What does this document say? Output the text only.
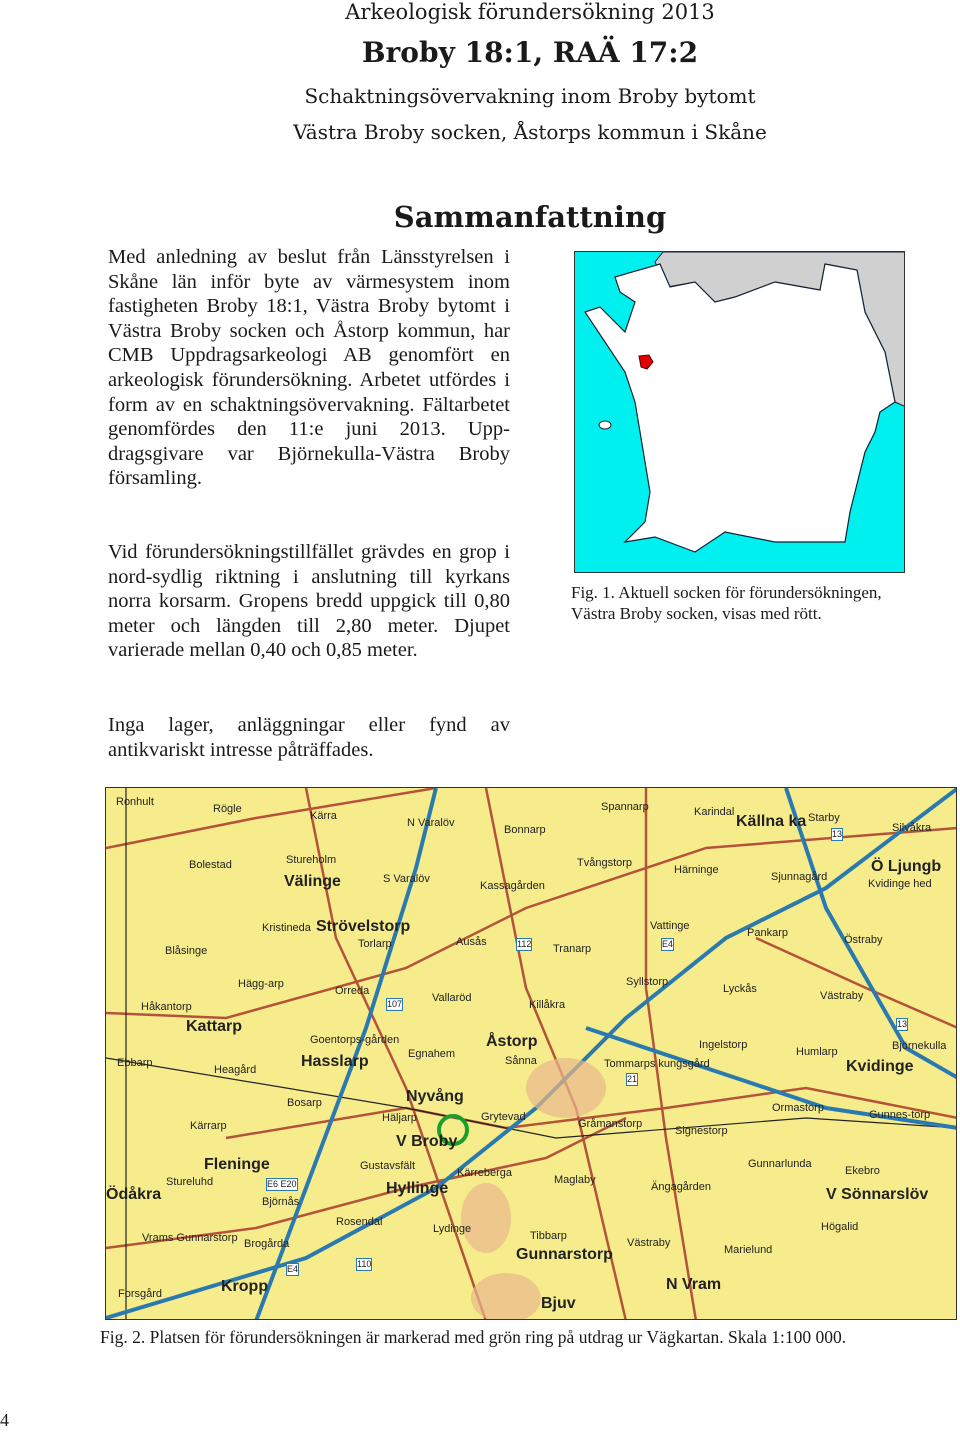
Arkeologisk förundersökning 2013
Broby 18:1, RAÄ 17:2
Schaktningsövervakning inom Broby bytomt
Västra Broby socken, Åstorps kommun i Skåne
Sammanfattning

Med anledning av beslut från Länsstyrelsen i Skåne län inför byte av värmesystem inom fastigheten Broby 18:1, Västra Broby bytomt i Västra Broby socken och Åstorp kommun, har CMB Uppdragsarkeologi AB genomfört en arkeologisk förundersökning. Arbetet utfördes i form av en schaktningsövervakning. Fältarbetet genomfördes den 11:e juni 2013. Uppdragsgivare var Björnekulla-Västra Broby församling.

Vid förundersökningstillfället grävdes en grop i nord-sydlig riktning i anslutning till kyrkans norra korsarm. Gropens bredd uppgick till 0,80 meter och längden till 2,80 meter. Djupet varierade mellan 0,40 och 0,85 meter.

Inga lager, anläggningar eller fynd av antikvariskt intresse påträffades.

Fig. 1. Aktuell socken för förundersökningen, Västra Broby socken, visas med rött.
Strövelstorp
Kattarp
Hasslarp
Åstorp
Kvidinge
Ödåkra	Hyllinge
Gunnarstorp
Bjuv
Ö Ljungb
Källna ka
Kropp
Välinge
Fleninge
Nyvång
V Broby
V Sönnarslöv
N Vram
13
112
107
E4
21
E6 E20
110
13
E4
Ronhult
Rögle
Kärra
N Varalöv
Bonnarp
Spannarp	Karindal	Starby
Silvåkra
Bolestad	Stureholm
S Varalöv
Kassagården
Tvångstorp
Härninge
Sjunnagård
Kvidinge hed
Blåsinge
Kristineda
Torlarp	Ausås
Tranarp
Vattinge
Pankarp
Östraby
Håkantorp
Hägg-arp
Orreda
Vallaröd
Killåkra
Syllstorp
Lyckås
Västraby
Ebbarp
Heagård
Goentorps-gården
Egnahem
Sånna	Tommarps kungsgård
Ingelstorp
Humlarp	Björnekulla
Kärrarp
Bosarp
Häljarp	Grytevad
Gråmanstorp
Signestorp
Ormastorp
Gunnes-torp
Stureluhd
Björnås
Gustavsfält
Kärreberga
Maglaby
Ängagården
Gunnarlunda
Ekebro
Vrams Gunnarstorp Brogårda
Rosendal
Lydinge
Tibbarp
Västraby
Marielund
Högalid
Forsgård
Fig. 2. Platsen för förundersökningen är markerad med grön ring på utdrag ur Vägkartan. Skala 1:100 000.
4
